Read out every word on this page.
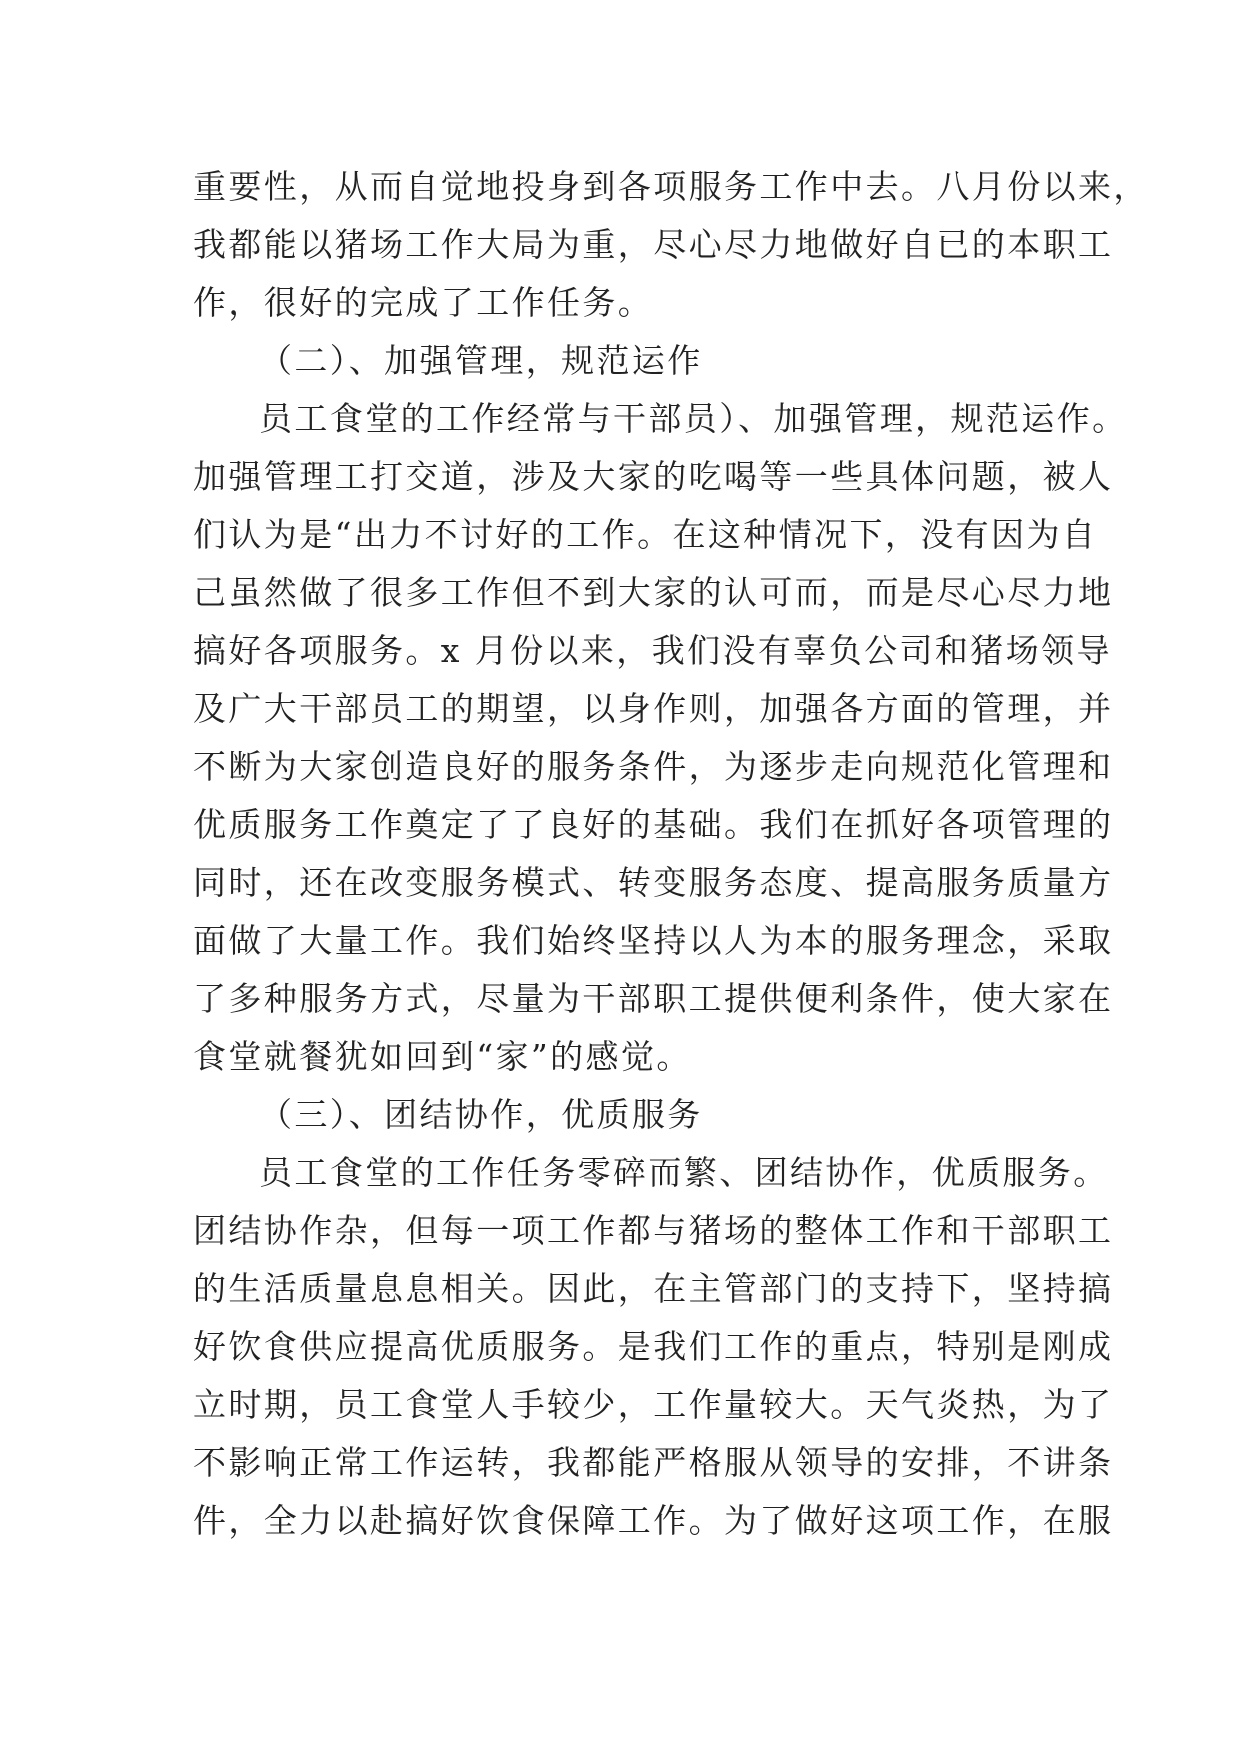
重要性，从而自觉地投身到各项服务工作中去。八月份以来，
我都能以猪场工作大局为重，尽心尽力地做好自已的本职工
作，很好的完成了工作任务。
（二）、加强管理，规范运作
员工食堂的工作经常与干部员）、加强管理，规范运作。
加强管理工打交道，涉及大家的吃喝等一些具体问题，被人
们认为是“出力不讨好的工作。在这种情况下，没有因为自
己虽然做了很多工作但不到大家的认可而，而是尽心尽力地
搞好各项服务。x 月份以来，我们没有辜负公司和猪场领导
及广大干部员工的期望，以身作则，加强各方面的管理，并
不断为大家创造良好的服务条件，为逐步走向规范化管理和
优质服务工作奠定了了良好的基础。我们在抓好各项管理的
同时，还在改变服务模式、转变服务态度、提高服务质量方
面做了大量工作。我们始终坚持以人为本的服务理念，采取
了多种服务方式，尽量为干部职工提供便利条件，使大家在
食堂就餐犹如回到“家”的感觉。
（三）、团结协作，优质服务
员工食堂的工作任务零碎而繁、团结协作，优质服务。
团结协作杂，但每一项工作都与猪场的整体工作和干部职工
的生活质量息息相关。因此，在主管部门的支持下，坚持搞
好饮食供应提高优质服务。是我们工作的重点，特别是刚成
立时期，员工食堂人手较少，工作量较大。天气炎热，为了
不影响正常工作运转，我都能严格服从领导的安排，不讲条
件，全力以赴搞好饮食保障工作。为了做好这项工作，在服
